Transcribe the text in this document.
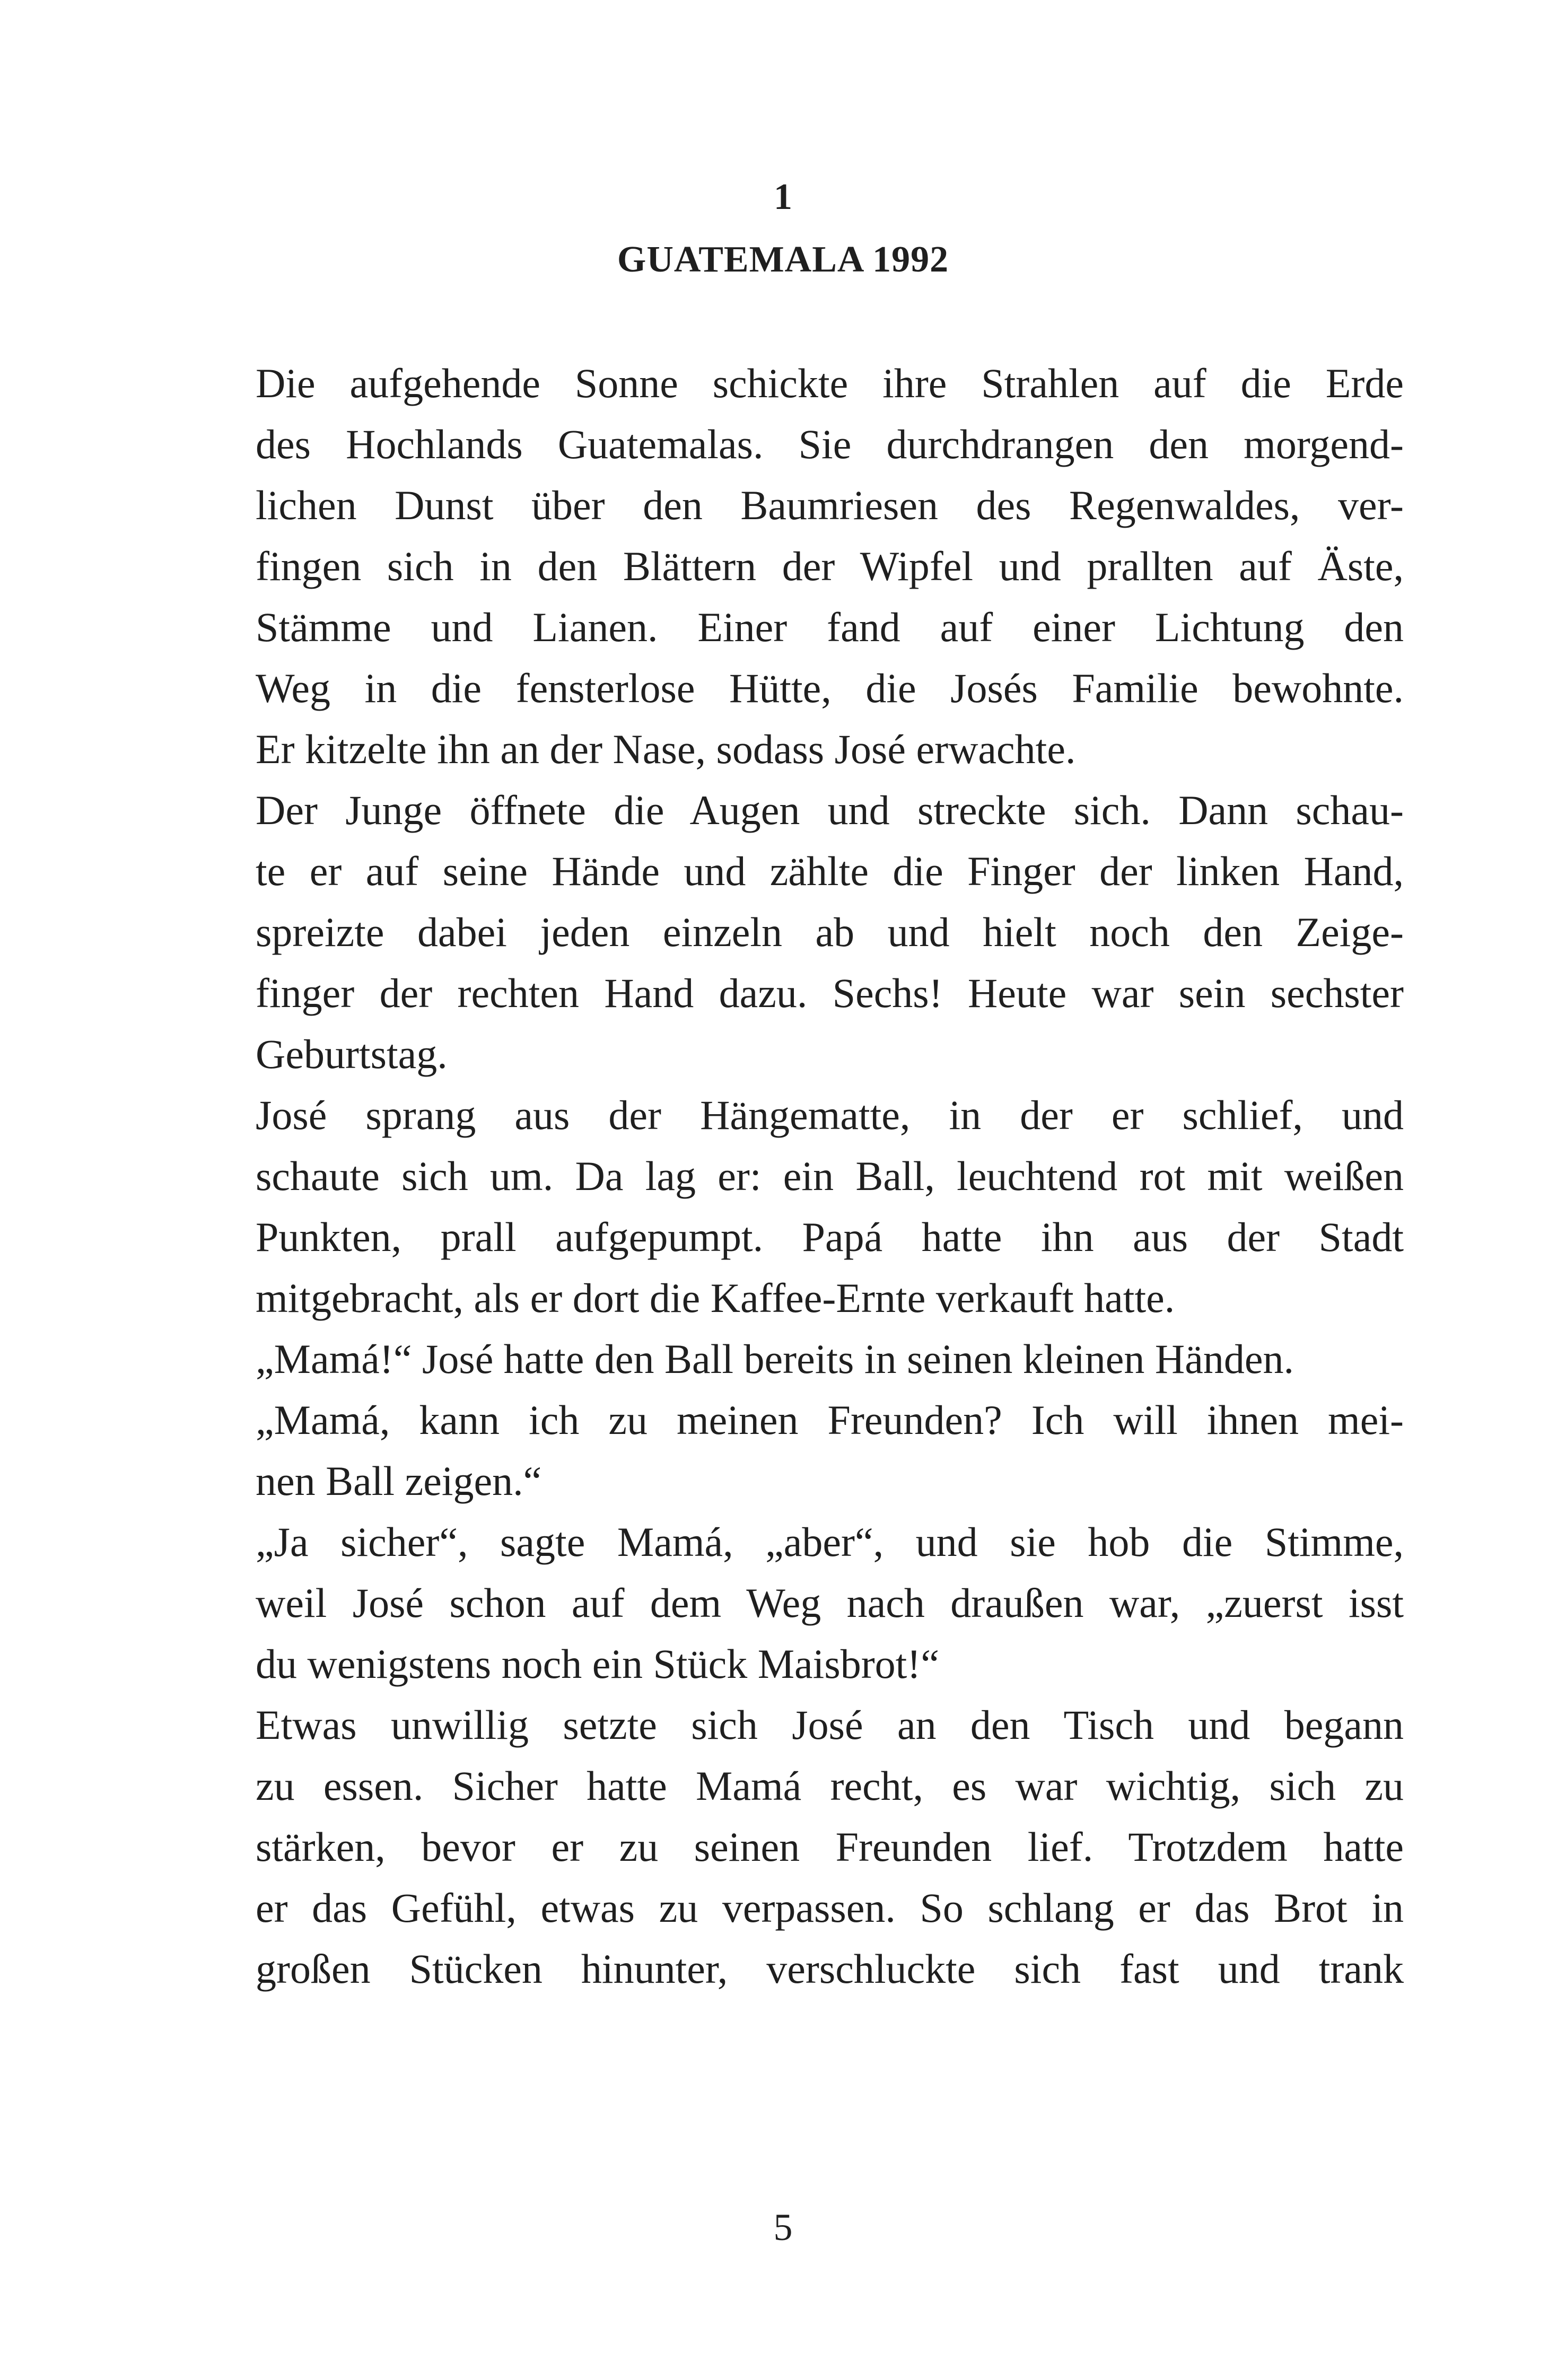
1
GUATEMALA 1992
Die aufgehende Sonne schickte ihre Strahlen auf die Erde
des Hochlands Guatemalas. Sie durchdrangen den morgend-
lichen Dunst über den Baumriesen des Regenwaldes, ver-
fingen sich in den Blättern der Wipfel und prallten auf Äste,
Stämme und Lianen. Einer fand auf einer Lichtung den
Weg in die fensterlose Hütte, die Josés Familie bewohnte.
Er kitzelte ihn an der Nase, sodass José erwachte.
Der Junge öffnete die Augen und streckte sich. Dann schau-
te er auf seine Hände und zählte die Finger der linken Hand,
spreizte dabei jeden einzeln ab und hielt noch den Zeige-
finger der rechten Hand dazu. Sechs! Heute war sein sechster
Geburtstag.
José sprang aus der Hängematte, in der er schlief, und
schaute sich um. Da lag er: ein Ball, leuchtend rot mit weißen
Punkten, prall aufgepumpt. Papá hatte ihn aus der Stadt
mitgebracht, als er dort die Kaffee-Ernte verkauft hatte.
„Mamá!“ José hatte den Ball bereits in seinen kleinen Händen.
„Mamá, kann ich zu meinen Freunden? Ich will ihnen mei-
nen Ball zeigen.“
„Ja sicher“, sagte Mamá, „aber“, und sie hob die Stimme,
weil José schon auf dem Weg nach draußen war, „zuerst isst
du wenigstens noch ein Stück Maisbrot!“
Etwas unwillig setzte sich José an den Tisch und begann
zu essen. Sicher hatte Mamá recht, es war wichtig, sich zu
stärken, bevor er zu seinen Freunden lief. Trotzdem hatte
er das Gefühl, etwas zu verpassen. So schlang er das Brot in
großen Stücken hinunter, verschluckte sich fast und trank
5
